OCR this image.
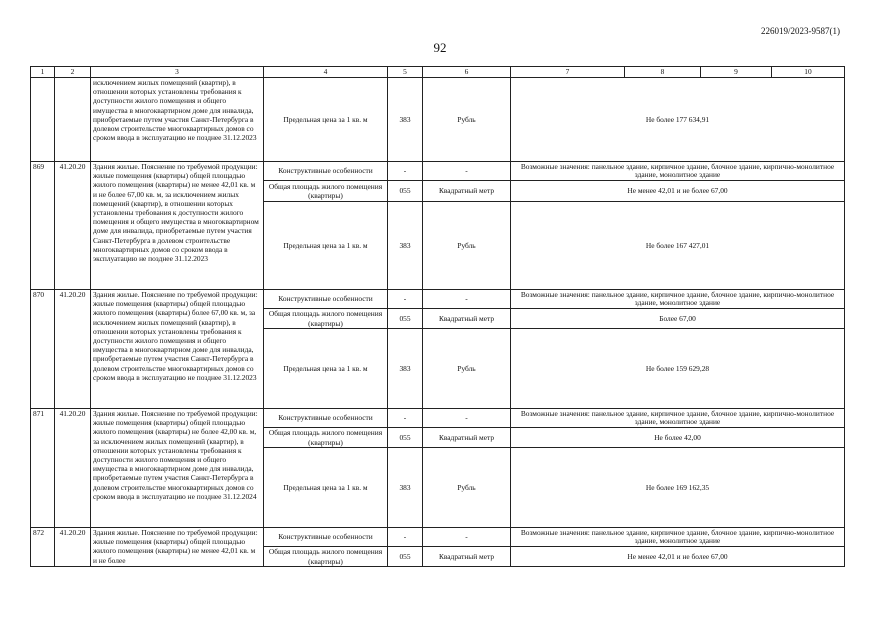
226019/2023-9587(1)
92
1	2	3	4	5	6	7	8	9	10
		исключением жилых помещений (квартир), в отношении которых установлены требования к доступности жилого помещения и общего имущества в многоквартирном доме для инвалида, приобретаемые путем участия Санкт-Петербурга в долевом строительстве многоквартирных домов со сроком ввода в эксплуатацию не позднее 31.12.2023	Предельная цена за 1 кв. м	383	Рубль	Не более 177 634,91			
869	41.20.20	Здания жилые. Пояснение по требуемой продукции: жилые помещения (квартиры) общей площадью жилого помещения (квартиры) не менее 42,01 кв. м и не более 67,00 кв. м, за исключением жилых помещений (квартир), в отношении которых установлены требования к доступности жилого помещения и общего имущества в многоквартирном доме для инвалида, приобретаемые путем участия Санкт-Петербурга в долевом строительстве многоквартирных домов со сроком ввода в эксплуатацию не позднее 31.12.2023	Конструктивные особенности	-	-	Возможные значения: панельное здание, кирпичное здание, блочное здание, кирпично-монолитное здание, монолитное здание			
			Общая площадь жилого помещения (квартиры)	055	Квадратный метр	Не менее 42,01 и не более 67,00			
			Предельная цена за 1 кв. м	383	Рубль	Не более 167 427,01			
870	41.20.20	Здания жилые. Пояснение по требуемой продукции: жилые помещения (квартиры) общей площадью жилого помещения (квартиры) более 67,00 кв. м, за исключением жилых помещений (квартир), в отношении которых установлены требования к доступности жилого помещения и общего имущества в многоквартирном доме для инвалида, приобретаемые путем участия Санкт-Петербурга в долевом строительстве многоквартирных домов со сроком ввода в эксплуатацию не позднее 31.12.2023	Конструктивные особенности	-	-	Возможные значения: панельное здание, кирпичное здание, блочное здание, кирпично-монолитное здание, монолитное здание			
			Общая площадь жилого помещения (квартиры)	055	Квадратный метр	Более 67,00			
			Предельная цена за 1 кв. м	383	Рубль	Не более 159 629,28			
871	41.20.20	Здания жилые. Пояснение по требуемой продукции: жилые помещения (квартиры) общей площадью жилого помещения (квартиры) не более 42,00 кв. м, за исключением жилых помещений (квартир), в отношении которых установлены требования к доступности жилого помещения и общего имущества в многоквартирном доме для инвалида, приобретаемые путем участия Санкт-Петербурга в долевом строительстве многоквартирных домов со сроком ввода в эксплуатацию не позднее 31.12.2024	Конструктивные особенности	-	-	Возможные значения: панельное здание, кирпичное здание, блочное здание, кирпично-монолитное здание, монолитное здание			
			Общая площадь жилого помещения (квартиры)	055	Квадратный метр	Не более 42,00			
			Предельная цена за 1 кв. м	383	Рубль	Не более 169 162,35			
872	41.20.20	Здания жилые. Пояснение по требуемой продукции: жилые помещения (квартиры) общей площадью жилого помещения (квартиры) не менее 42,01 кв. м и не более	Конструктивные особенности	-	-	Возможные значения: панельное здание, кирпичное здание, блочное здание, кирпично-монолитное здание, монолитное здание			
			Общая площадь жилого помещения (квартиры)	055	Квадратный метр	Не менее 42,01 и не более 67,00			
